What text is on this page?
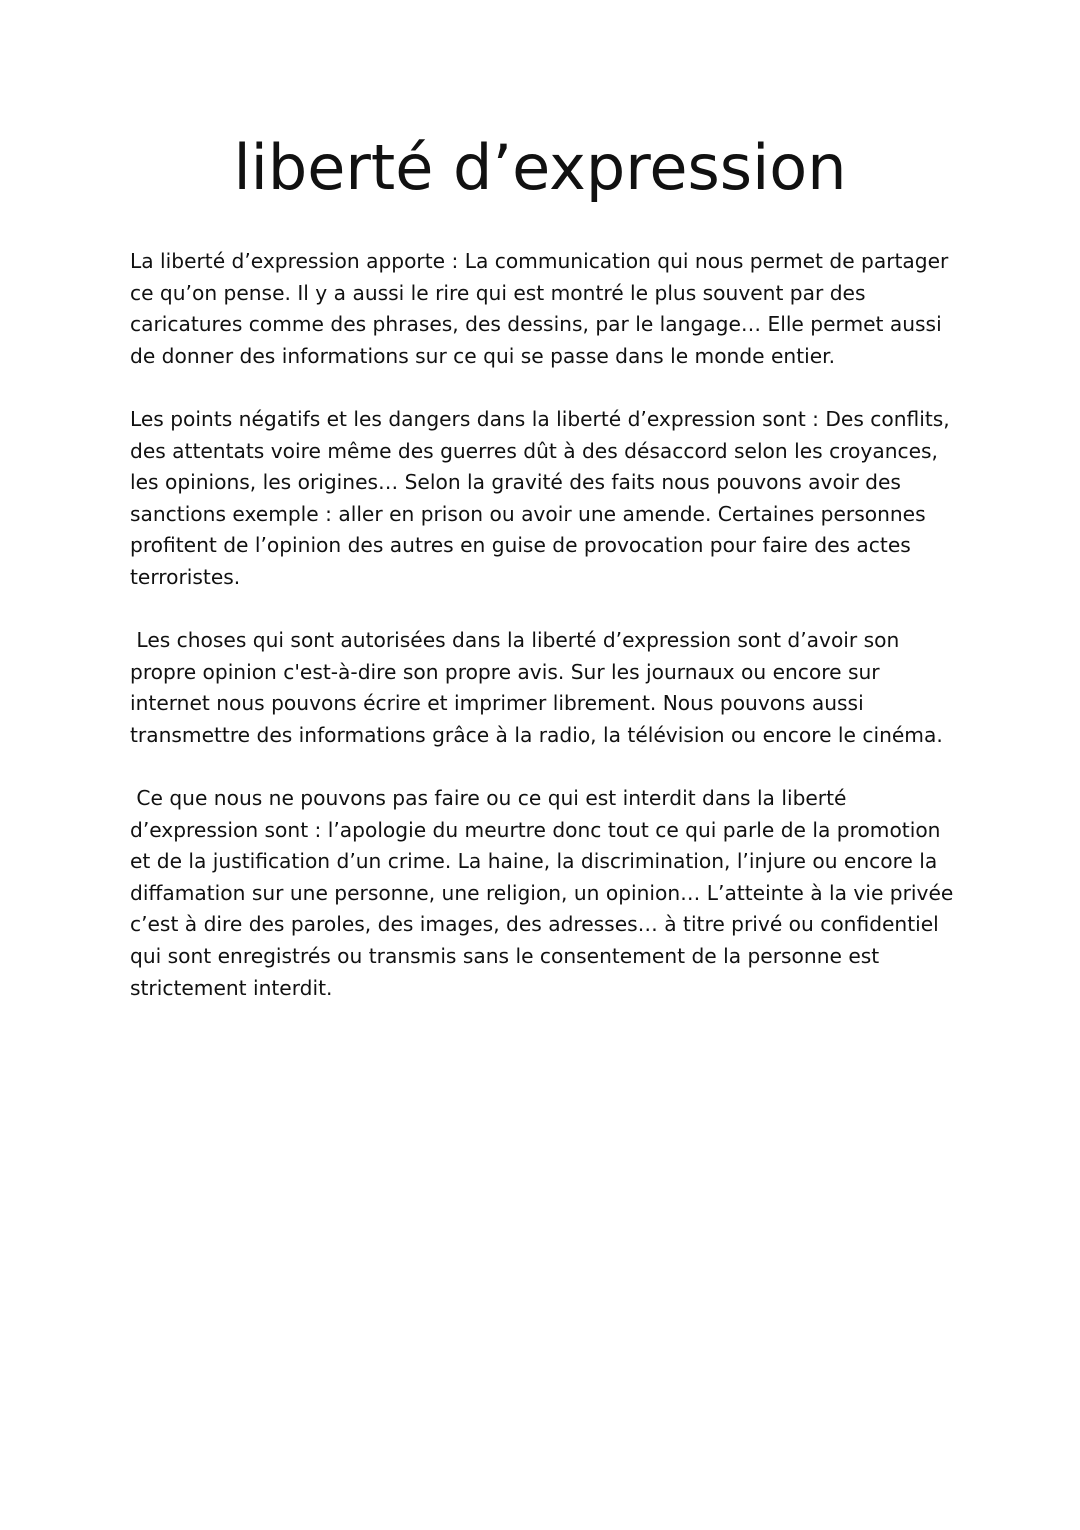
liberté d’expression

La liberté d’expression apporte : La communication qui nous permet de partager ce qu’on pense. Il y a aussi le rire qui est montré le plus souvent par des caricatures comme des phrases, des dessins, par le langage… Elle permet aussi de donner des informations sur ce qui se passe dans le monde entier.

Les points négatifs et les dangers dans la liberté d’expression sont : Des conflits, des attentats voire même des guerres dût à des désaccord selon les croyances, les opinions, les origines… Selon la gravité des faits nous pouvons avoir des sanctions exemple : aller en prison ou avoir une amende. Certaines personnes profitent de l’opinion des autres en guise de provocation pour faire des actes terroristes.

Les choses qui sont autorisées dans la liberté d’expression sont d’avoir son propre opinion c'est-à-dire son propre avis. Sur les journaux ou encore sur internet nous pouvons écrire et imprimer librement. Nous pouvons aussi transmettre des informations grâce à la radio, la télévision ou encore le cinéma.

Ce que nous ne pouvons pas faire ou ce qui est interdit dans la liberté d’expression sont : l’apologie du meurtre donc tout ce qui parle de la promotion et de la justification d’un crime. La haine, la discrimination, l’injure ou encore la diffamation sur une personne, une religion, un opinion… L’atteinte à la vie privée c’est à dire des paroles, des images, des adresses… à titre privé ou confidentiel qui sont enregistrés ou transmis sans le consentement de la personne est strictement interdit.
